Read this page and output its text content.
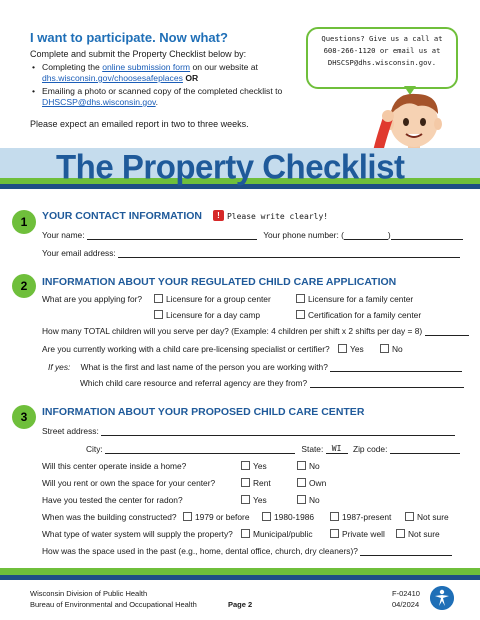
I want to participate. Now what?
Complete and submit the Property Checklist below by:
• Completing the online submission form on our website at
dhs.wisconsin.gov/choosesafeplaces OR
• Emailing a photo or scanned copy of the completed checklist to
DHSCSP@dhs.wisconsin.gov.
Please expect an emailed report in two to three weeks.
Questions? Give us a call at
608-266-1120 or email us at
DHSCSP@dhs.wisconsin.gov.
The Property Checklist
1	YOUR CONTACT INFORMATION ! Please write clearly!
Your name:	Your phone number: (	)
Your email address:
2	INFORMATION ABOUT YOUR REGULATED CHILD CARE APPLICATION
What are you applying for?	Licensure for a group center	Licensure for a family center
Licensure for a day camp	Certification for a family center
How many TOTAL children will you serve per day? (Example: 4 children per shift x 2 shifts per day = 8)
Are you currently working with a child care pre-licensing specialist or certifier? Yes	No
If yes: What is the first and last name of the person you are working with?
Which child care resource and referral agency are they from?
3	INFORMATION ABOUT YOUR PROPOSED CHILD CARE CENTER
Street address:
City:	State: WI Zip code:
Will this center operate inside a home?	Yes	No
Will you rent or own the space for your center?	Rent	Own
Have you tested the center for radon?	Yes	No
When was the building constructed?	1979 or before	1980-1986	1987-present	Not sure
What type of water system will supply the property?	Municipal/public	Private well	Not sure
How was the space used in the past (e.g., home, dental office, church, dry cleaners)?
Wisconsin Division of Public Health
Bureau of Environmental and Occupational Health	Page 2
F-02410
04/2024
